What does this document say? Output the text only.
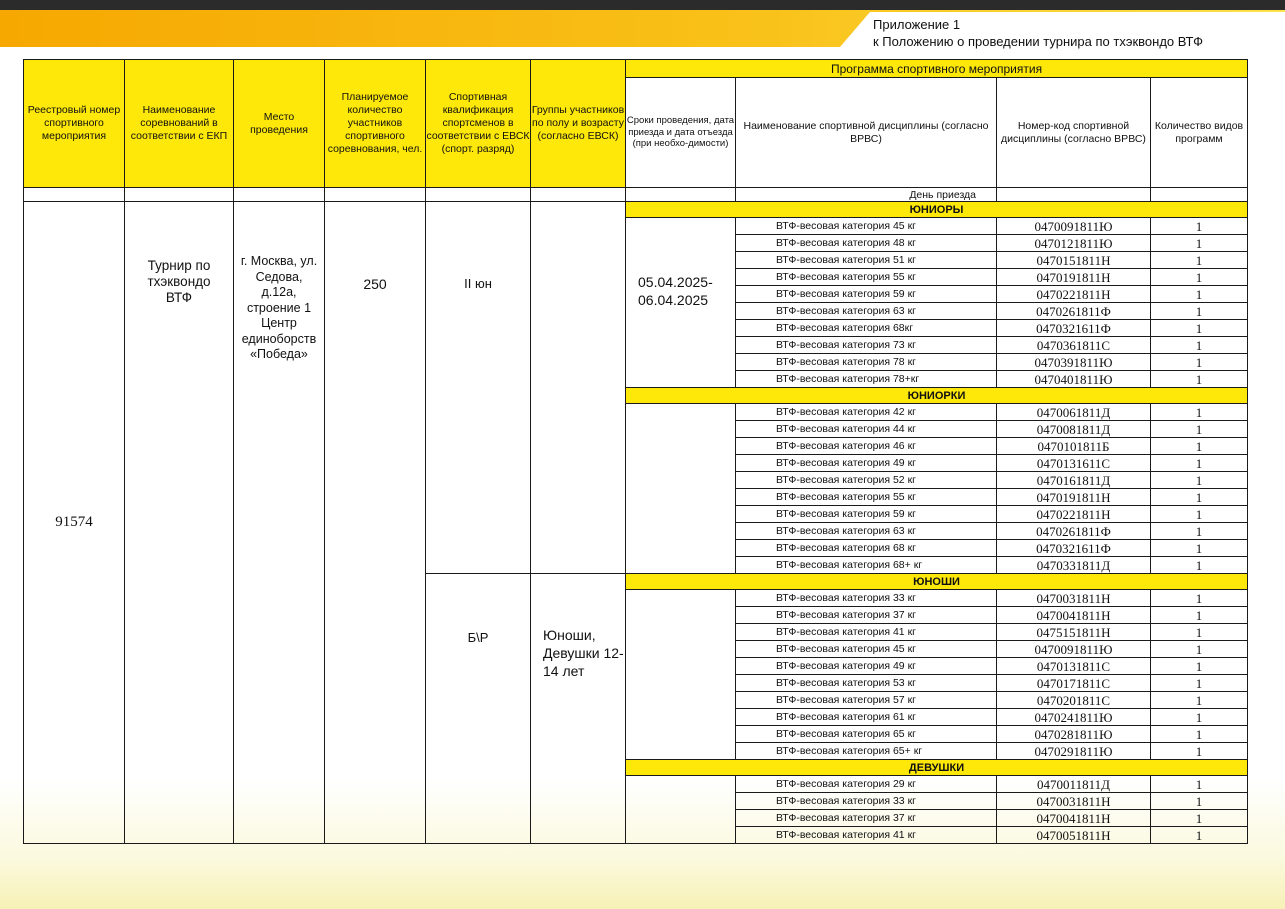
Приложение 1
к Положению о проведении турнира по тхэквондо ВТФ
Реестровый номер спортивного мероприятия	Наименование соревнований в соответствии с ЕКП	Место проведения	Планируемое количество участников спортивного соревнования, чел.	Спортивная квалификация спортсменов в соответствии с ЕВСК (спорт. разряд)	Группы участников по полу и возрасту (согласно ЕВСК)	Программа спортивного мероприятия			
						Сроки проведения, дата приезда и дата отъезда (при необхо-димости)	Наименование спортивной дисциплины (согласно ВРВС)	Номер-код спортивной дисциплины (согласно ВРВС)	Количество видов программ
							День приезда		
91574	Турнир по тхэквондо ВТФ	г. Москва, ул. Седова, д.12а, строение 1 Центр единоборств «Победа»	250	II юн		ЮНИОРЫ			
						05.04.2025-06.04.2025	ВТФ-весовая категория 45 кг	0470091811Ю	1
							ВТФ-весовая категория 48 кг	0470121811Ю	1
							ВТФ-весовая категория 51 кг	0470151811Н	1
							ВТФ-весовая категория 55 кг	0470191811Н	1
							ВТФ-весовая категория 59 кг	0470221811Н	1
							ВТФ-весовая категория 63 кг	0470261811Ф	1
							ВТФ-весовая категория 68кг	0470321611Ф	1
							ВТФ-весовая категория 73 кг	0470361811С	1
							ВТФ-весовая категория 78 кг	0470391811Ю	1
							ВТФ-весовая категория 78+кг	0470401811Ю	1
						ЮНИОРКИ			
							ВТФ-весовая категория 42 кг	0470061811Д	1
							ВТФ-весовая категория 44 кг	0470081811Д	1
							ВТФ-весовая категория 46 кг	0470101811Б	1
							ВТФ-весовая категория 49 кг	0470131611С	1
							ВТФ-весовая категория 52 кг	0470161811Д	1
							ВТФ-весовая категория 55 кг	0470191811Н	1
							ВТФ-весовая категория 59 кг	0470221811Н	1
							ВТФ-весовая категория 63 кг	0470261811Ф	1
							ВТФ-весовая категория 68 кг	0470321611Ф	1
							ВТФ-весовая категория 68+ кг	0470331811Д	1
				Б\Р	Юноши, Девушки 12-14 лет	ЮНОШИ			
							ВТФ-весовая категория 33 кг	0470031811Н	1
							ВТФ-весовая категория 37 кг	0470041811Н	1
							ВТФ-весовая категория 41 кг	0475151811Н	1
							ВТФ-весовая категория 45 кг	0470091811Ю	1
							ВТФ-весовая категория 49 кг	0470131811С	1
							ВТФ-весовая категория 53 кг	0470171811С	1
							ВТФ-весовая категория 57 кг	0470201811С	1
							ВТФ-весовая категория 61 кг	0470241811Ю	1
							ВТФ-весовая категория 65 кг	0470281811Ю	1
							ВТФ-весовая категория 65+ кг	0470291811Ю	1
						ДЕВУШКИ			
							ВТФ-весовая категория 29 кг	0470011811Д	1
							ВТФ-весовая категория 33 кг	0470031811Н	1
							ВТФ-весовая категория 37 кг	0470041811Н	1
							ВТФ-весовая категория 41 кг	0470051811Н	1
